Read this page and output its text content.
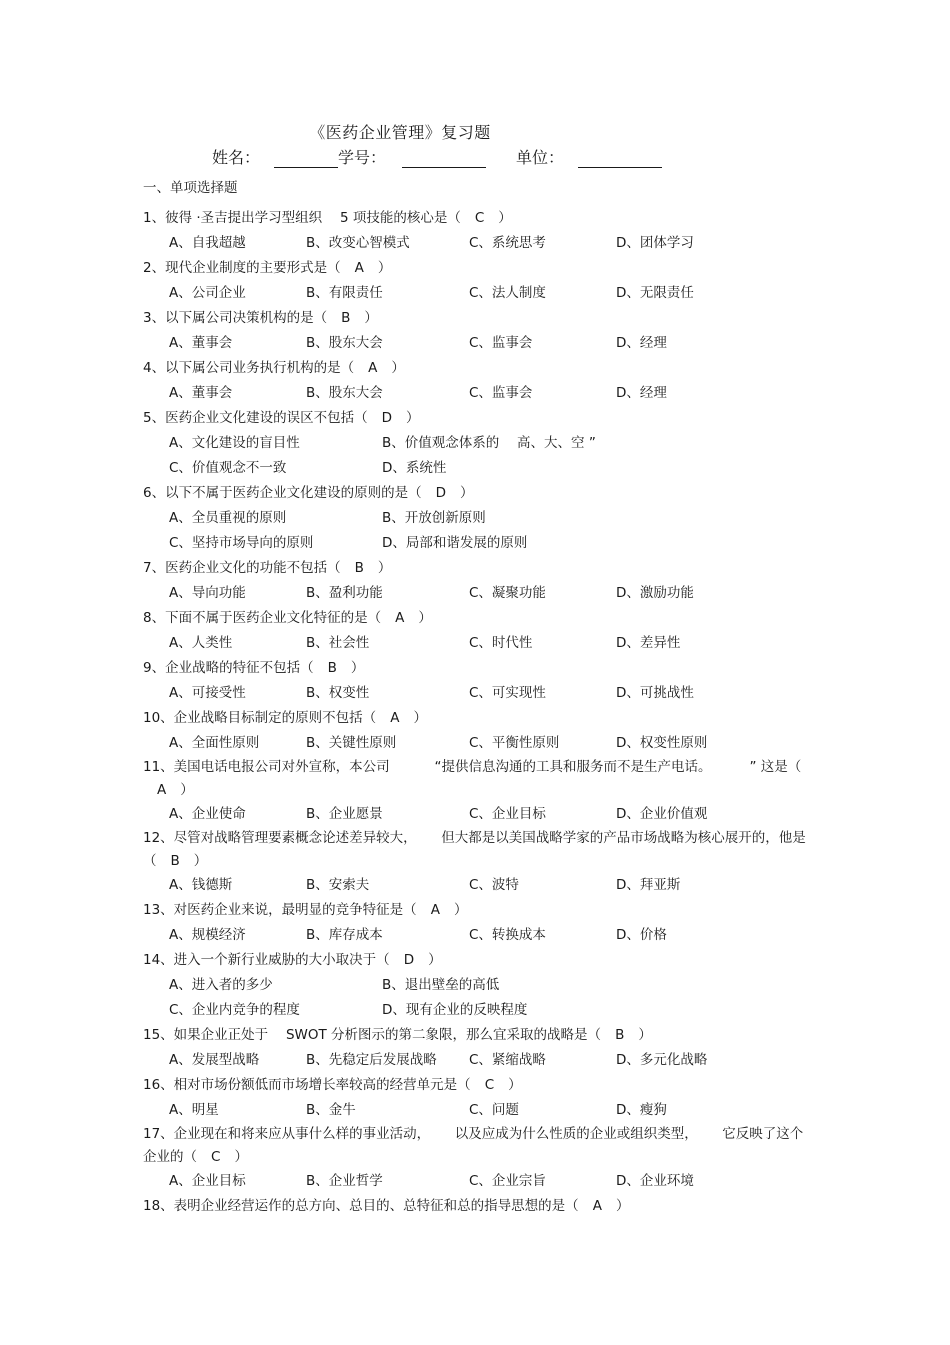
《医药企业管理》复习题
姓名：	学号：	单位：
一、单项选择题
1、彼得 ·圣吉提出学习型组织　 5 项技能的核心是（ C ）
A、自我超越	B、改变心智模式	C、系统思考	D、团体学习
2、现代企业制度的主要形式是（ A ）
A、公司企业	B、有限责任	C、法人制度	D、无限责任
3、以下属公司决策机构的是（ B ）
A、董事会	B、股东大会	C、监事会	D、经理
4、以下属公司业务执行机构的是（ A ）
A、董事会	B、股东大会	C、监事会	D、经理
5、医药企业文化建设的误区不包括（ D ）
A、文化建设的盲目性	B、价值观念体系的　 高、大、空 ”
C、价值观念不一致	D、系统性
6、以下不属于医药企业文化建设的原则的是（ D ）
A、全员重视的原则	B、开放创新原则
C、坚持市场导向的原则	D、局部和谐发展的原则
7、医药企业文化的功能不包括（ B ）
A、导向功能	B、盈利功能	C、凝聚功能	D、激励功能
8、下面不属于医药企业文化特征的是（ A ）
A、人类性	B、社会性	C、时代性	D、差异性
9、企业战略的特征不包括（ B ）
A、可接受性	B、权变性	C、可实现性	D、可挑战性
10、企业战略目标制定的原则不包括（ A ）
A、全面性原则	B、关键性原则	C、平衡性原则	D、权变性原则
11、美国电话电报公司对外宣称，本公司　　　 “提供信息沟通的工具和服务而不是生产电话。　　　 ” 这是（A ）
A、企业使命	B、企业愿景	C、企业目标	D、企业价值观
12、尽管对战略管理要素概念论述差异较大，　　 但大都是以美国战略学家的产品市场战略为核心展开的，他是（ B ）
A、钱德斯	B、安索夫	C、波特	D、拜亚斯
13、对医药企业来说，最明显的竞争特征是（ A ）
A、规模经济	B、库存成本	C、转换成本	D、价格
14、进入一个新行业威胁的大小取决于（ D ）
A、进入者的多少	B、退出壁垒的高低
C、企业内竞争的程度	D、现有企业的反映程度
15、如果企业正处于　 SWOT 分析图示的第二象限，那么宜采取的战略是（ B ）
A、发展型战略	B、先稳定后发展战略 C、紧缩战略	D、多元化战略
16、相对市场份额低而市场增长率较高的经营单元是（ C ）
A、明星	B、金牛	C、问题	D、瘦狗
17、企业现在和将来应从事什么样的事业活动，　　 以及应成为什么性质的企业或组织类型，　　 它反映了这个企业的（ C ）
A、企业目标	B、企业哲学	C、企业宗旨	D、企业环境
18、表明企业经营运作的总方向、总目的、总特征和总的指导思想的是（ A ）
